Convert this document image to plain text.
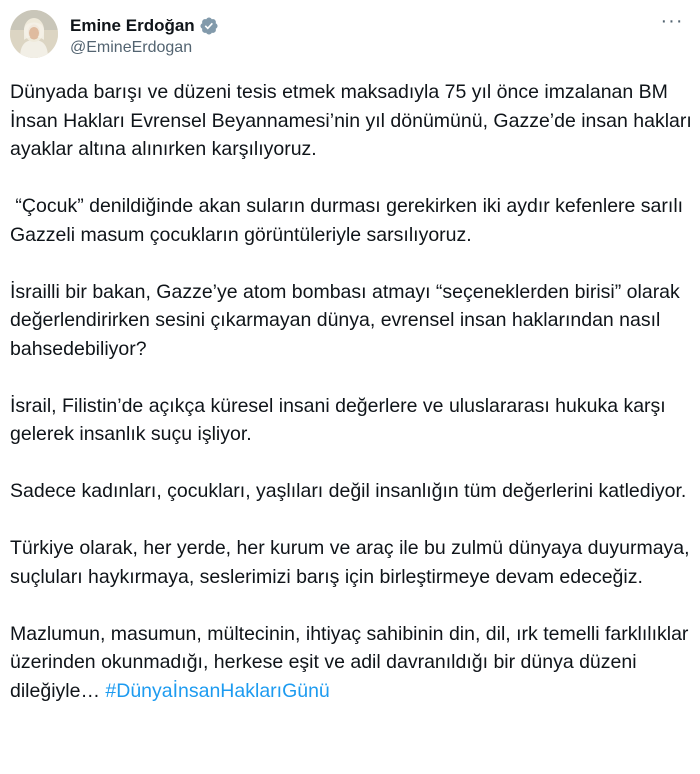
Emine Erdoğan
@EmineErdogan
···

Dünyada barışı ve düzeni tesis etmek maksadıyla 75 yıl önce imzalanan BM İnsan Hakları Evrensel Beyannamesi’nin yıl dönümünü, Gazze’de insan hakları ayaklar altına alınırken karşılıyoruz.

“Çocuk” denildiğinde akan suların durması gerekirken iki aydır kefenlere sarılı Gazzeli masum çocukların görüntüleriyle sarsılıyoruz.

İsrailli bir bakan, Gazze’ye atom bombası atmayı “seçeneklerden birisi” olarak değerlendirirken sesini çıkarmayan dünya, evrensel insan haklarından nasıl bahsedebiliyor?

İsrail, Filistin’de açıkça küresel insani değerlere ve uluslararası hukuka karşı gelerek insanlık suçu işliyor.

Sadece kadınları, çocukları, yaşlıları değil insanlığın tüm değerlerini katlediyor.

Türkiye olarak, her yerde, her kurum ve araç ile bu zulmü dünyaya duyurmaya, suçluları haykırmaya, seslerimizi barış için birleştirmeye devam edeceğiz.

Mazlumun, masumun, mültecinin, ihtiyaç sahibinin din, dil, ırk temelli farklılıklar üzerinden okunmadığı, herkese eşit ve adil davranıldığı bir dünya düzeni dileğiyle… #DünyaİnsanHaklarıGünü
